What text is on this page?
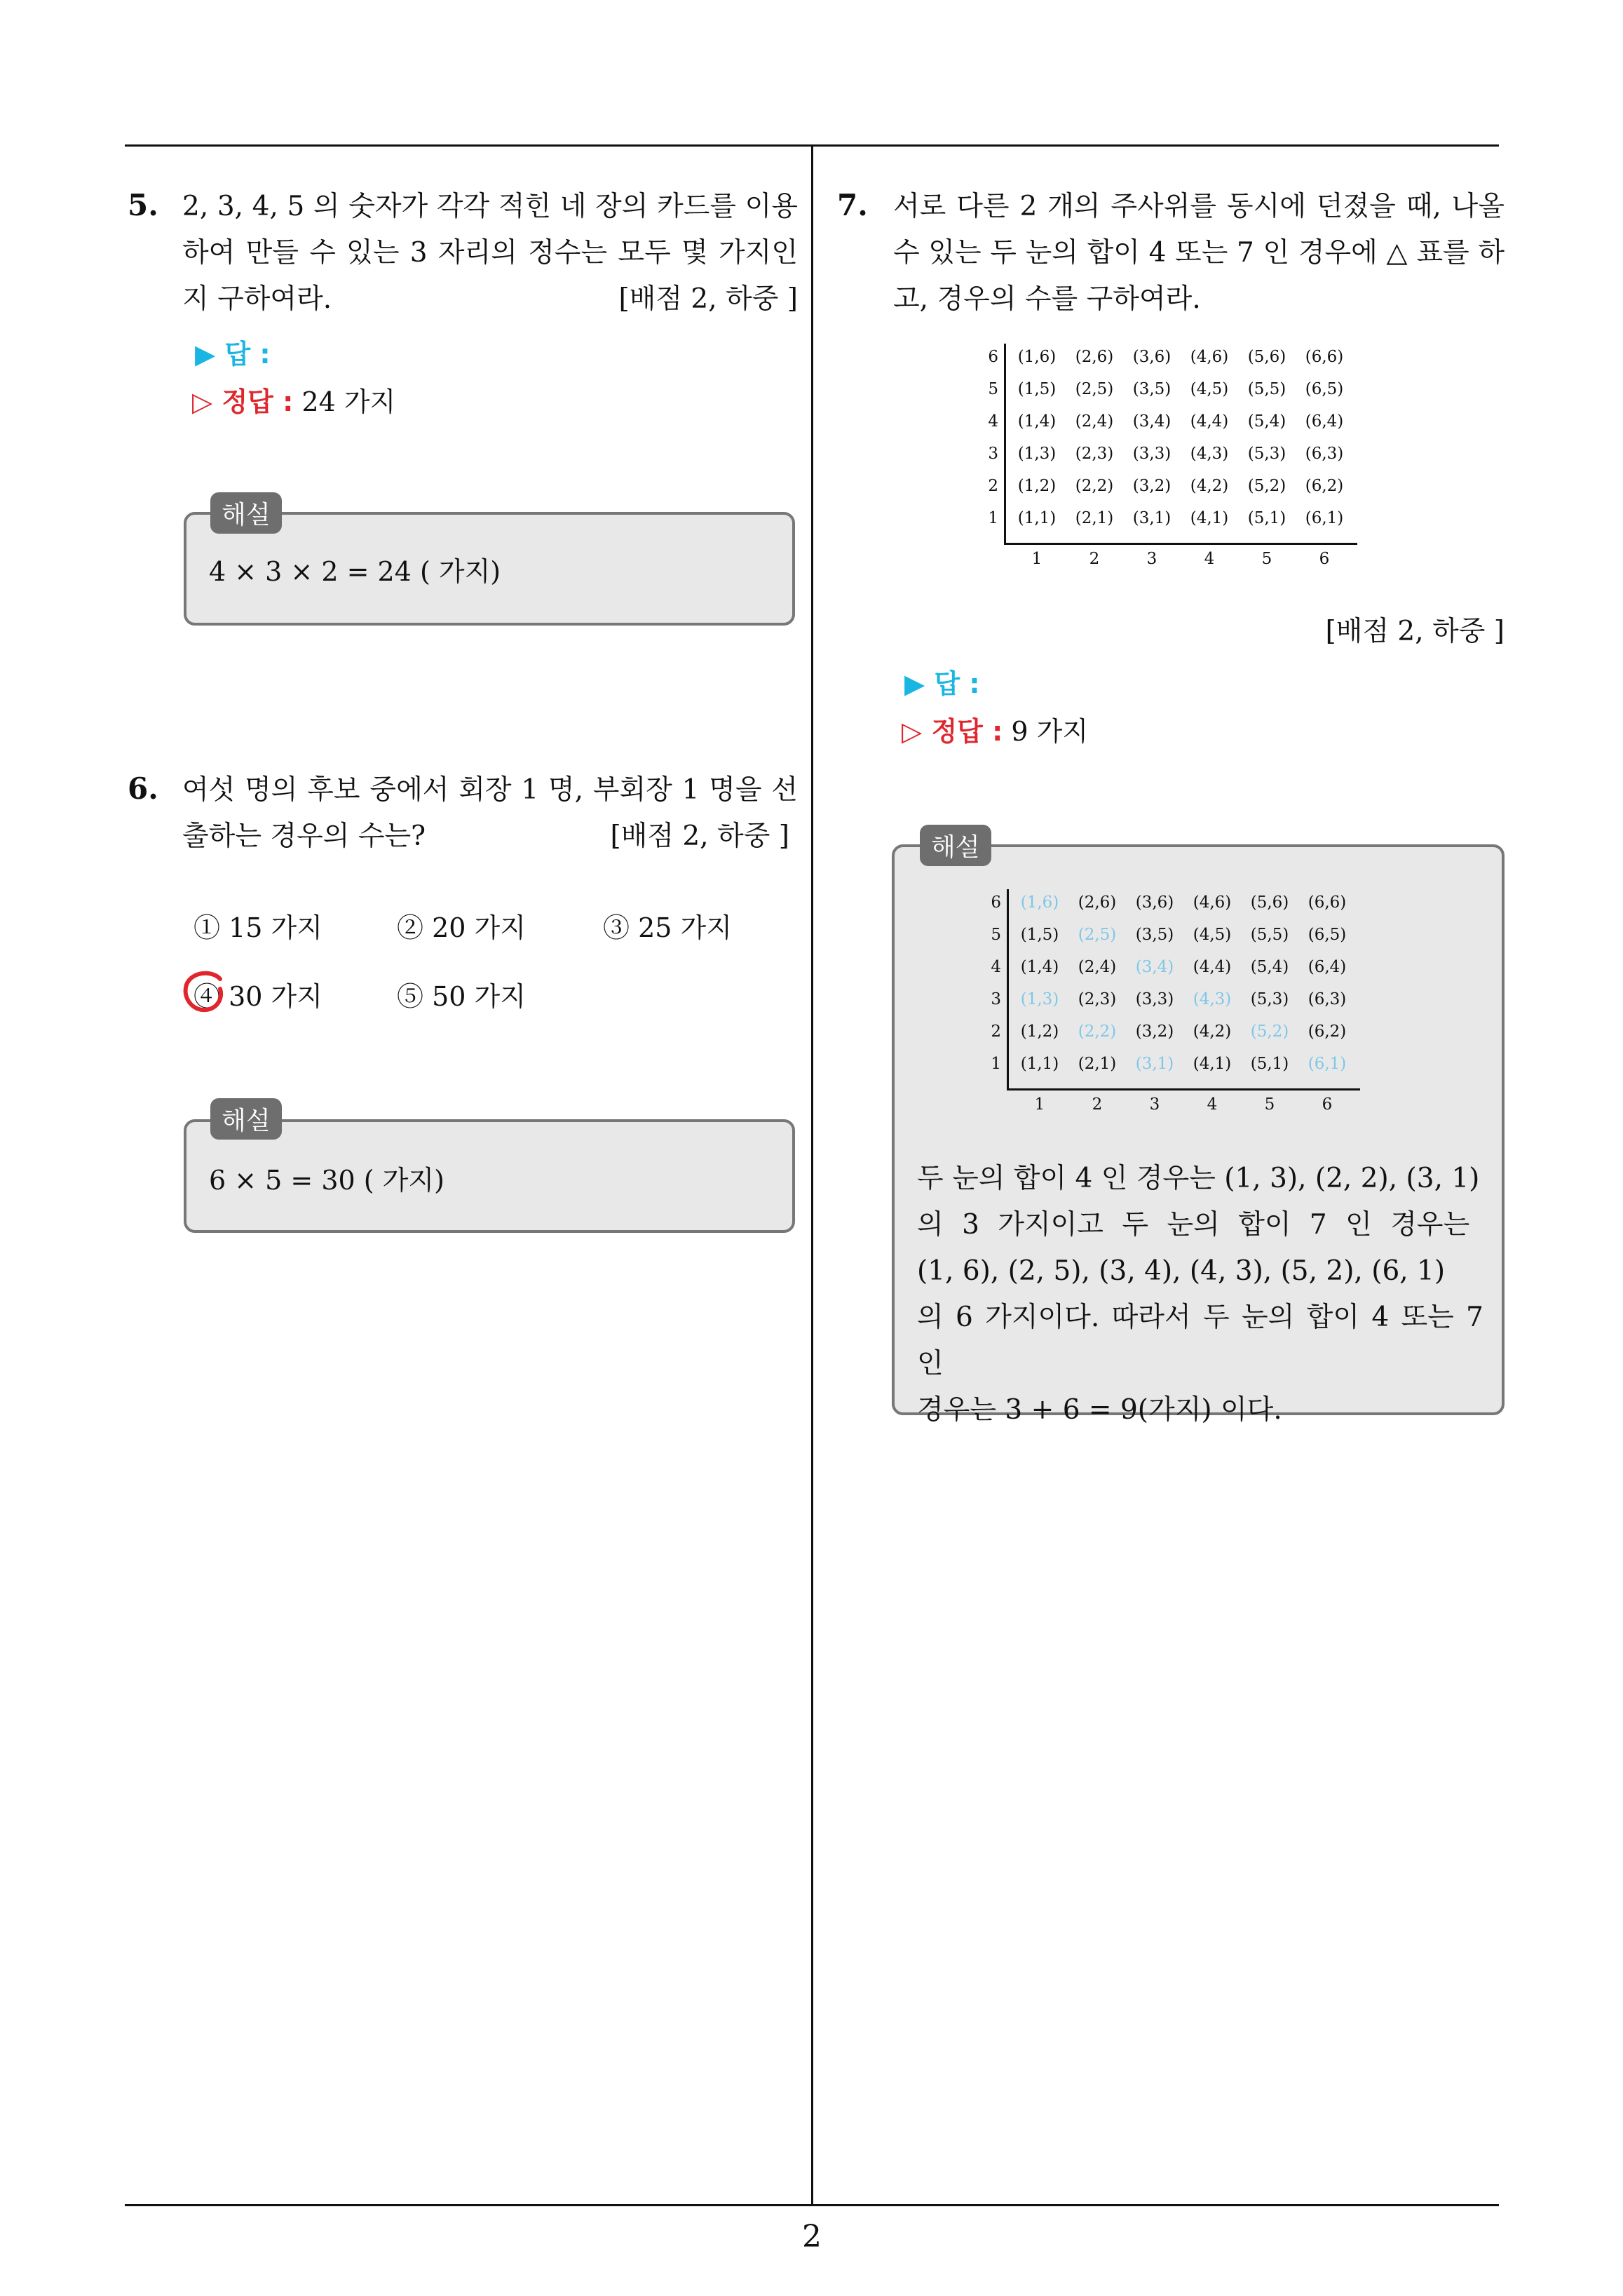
5. 2, 3, 4, 5 의 숫자가 각각 적힌 네 장의 카드를 이용하여 만들 수 있는 3 자리의 정수는 모두 몇 가지인지 구하여라.	[배점 2, 하중 ]
▶ 답 :
▷ 정답 : 24 가지
4 × 3 × 2 = 24 ( 가지)
해설
6. 여섯 명의 후보 중에서 회장 1 명, 부회장 1 명을 선출하는 경우의 수는?	[배점 2, 하중 ]
① 15 가지	② 20 가지	③ 25 가지
④ 30 가지	⑤ 50 가지
6 × 5 = 30 ( 가지)
해설
7. 서로 다른 2 개의 주사위를 동시에 던졌을 때, 나올 수 있는 두 눈의 합이 4 또는 7 인 경우에 △ 표를 하고, 경우의 수를 구하여라.
6	(1,6)	(2,6)	(3,6)	(4,6)	(5,6)	(6,6)
5	(1,5)	(2,5)	(3,5)	(4,5)	(5,5)	(6,5)
4	(1,4)	(2,4)	(3,4)	(4,4)	(5,4)	(6,4)
3	(1,3)	(2,3)	(3,3)	(4,3)	(5,3)	(6,3)
2	(1,2)	(2,2)	(3,2)	(4,2)	(5,2)	(6,2)
1	(1,1)	(2,1)	(3,1)	(4,1)	(5,1)	(6,1)
1	2	3	4	5	6
[배점 2, 하중 ]
▶ 답 :
▷ 정답 : 9 가지
6	(1,6)	(2,6)	(3,6)	(4,6)	(5,6)	(6,6)
5	(1,5)	(2,5)	(3,5)	(4,5)	(5,5)	(6,5)
4	(1,4)	(2,4)	(3,4)	(4,4)	(5,4)	(6,4)
3	(1,3)	(2,3)	(3,3)	(4,3)	(5,3)	(6,3)
2	(1,2)	(2,2)	(3,2)	(4,2)	(5,2)	(6,2)
1	(1,1)	(2,1)	(3,1)	(4,1)	(5,1)	(6,1)
1	2	3	4	5	6
두 눈의 합이 4 인 경우는 (1, 3), (2, 2), (3, 1)
의 3 가지이고 두 눈의 합이 7 인 경우는
(1, 6), (2, 5), (3, 4), (4, 3), (5, 2), (6, 1)
의 6 가지이다. 따라서 두 눈의 합이 4 또는 7 인
경우는 3 + 6 = 9(가지) 이다.
해설
2
